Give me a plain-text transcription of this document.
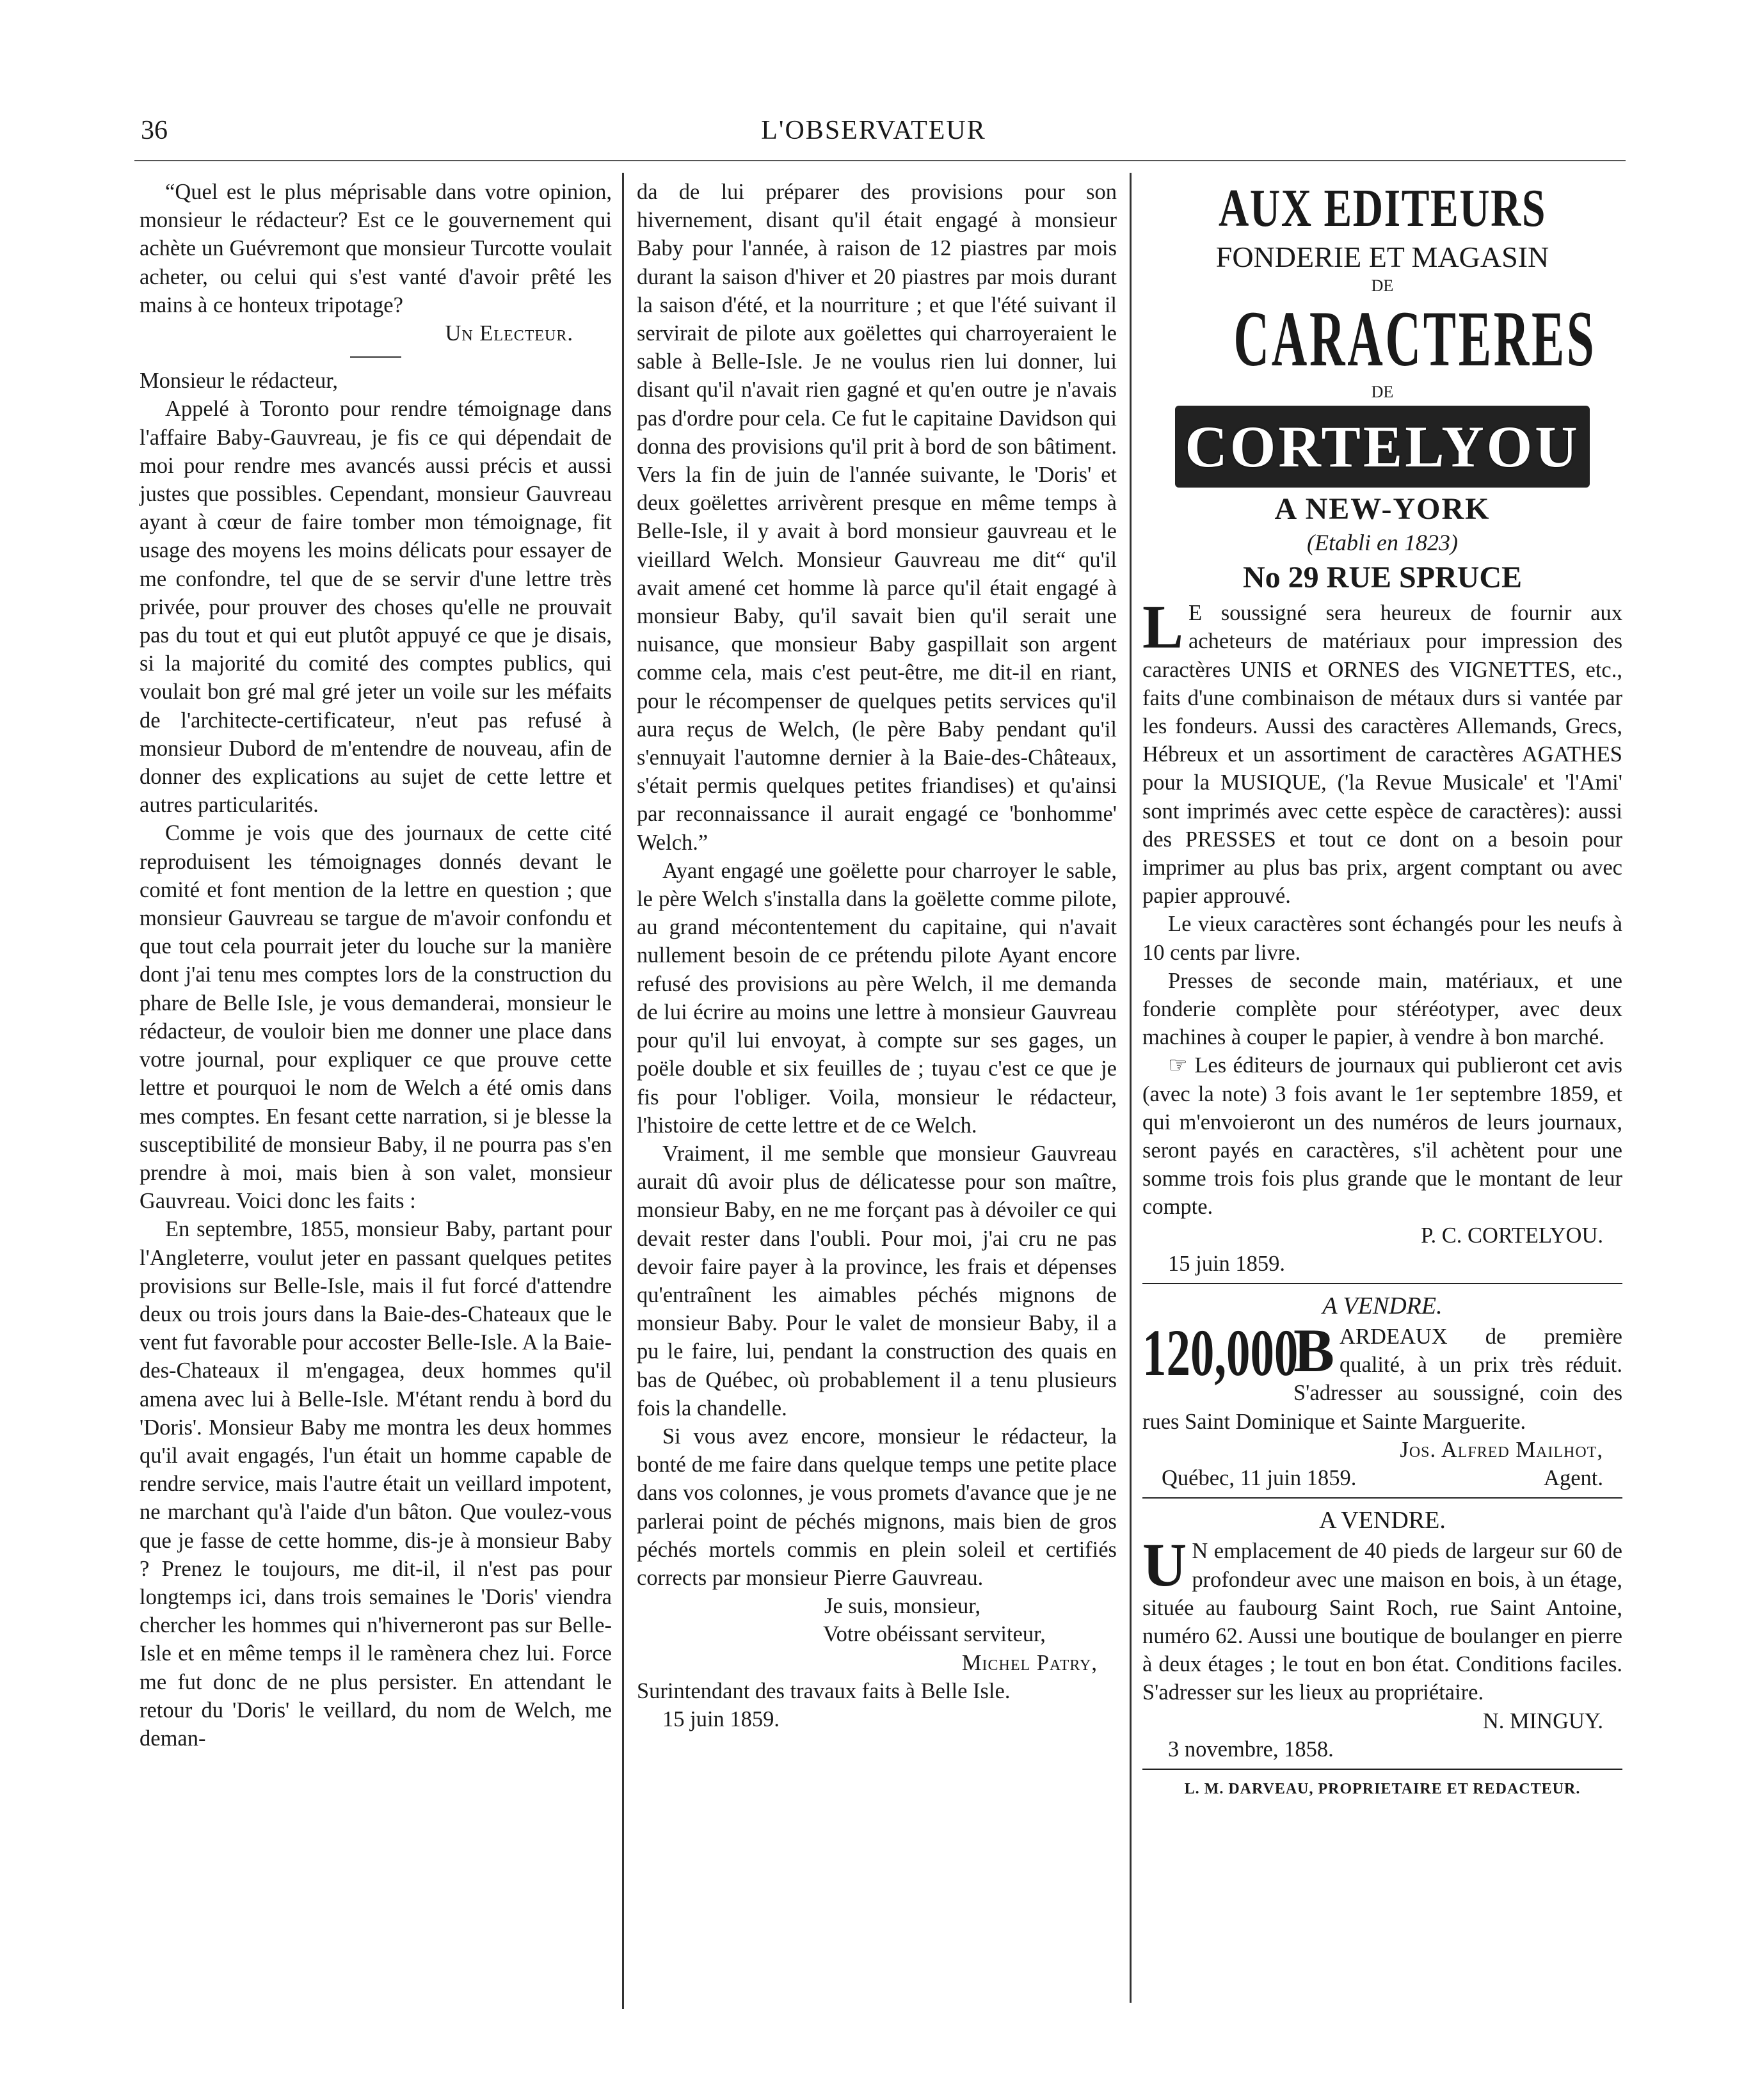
36	L'OBSERVATEUR

“Quel est le plus méprisable dans votre opinion, monsieur le rédacteur? Est ce le gouvernement qui achète un Guévremont que monsieur Turcotte voulait acheter, ou celui qui s'est vanté d'avoir prêté les mains à ce honteux tripotage?

Un Electeur.

Monsieur le rédacteur,

Appelé à Toronto pour rendre témoignage dans l'affaire Baby-Gauvreau, je fis ce qui dépendait de moi pour rendre mes avancés aussi précis et aussi justes que possibles. Cependant, monsieur Gauvreau ayant à cœur de faire tomber mon témoignage, fit usage des moyens les moins délicats pour essayer de me confondre, tel que de se servir d'une lettre très privée, pour prouver des choses qu'elle ne prouvait pas du tout et qui eut plutôt appuyé ce que je disais, si la majorité du comité des comptes publics, qui voulait bon gré mal gré jeter un voile sur les méfaits de l'architecte-certificateur, n'eut pas refusé à monsieur Dubord de m'entendre de nouveau, afin de donner des explications au sujet de cette lettre et autres particularités.

Comme je vois que des journaux de cette cité reproduisent les témoignages donnés devant le comité et font mention de la lettre en question ; que monsieur Gauvreau se targue de m'avoir confondu et que tout cela pourrait jeter du louche sur la manière dont j'ai tenu mes comptes lors de la construction du phare de Belle Isle, je vous demanderai, monsieur le rédacteur, de vouloir bien me donner une place dans votre journal, pour expliquer ce que prouve cette lettre et pourquoi le nom de Welch a été omis dans mes comptes. En fesant cette narration, si je blesse la susceptibilité de monsieur Baby, il ne pourra pas s'en prendre à moi, mais bien à son valet, monsieur Gauvreau. Voici donc les faits :

En septembre, 1855, monsieur Baby, partant pour l'Angleterre, voulut jeter en passant quelques petites provisions sur Belle-Isle, mais il fut forcé d'attendre deux ou trois jours dans la Baie-des-Chateaux que le vent fut favorable pour accoster Belle-Isle. A la Baie-des-Chateaux il m'engagea, deux hommes qu'il amena avec lui à Belle-Isle. M'étant rendu à bord du 'Doris'. Monsieur Baby me montra les deux hommes qu'il avait engagés, l'un était un homme capable de rendre service, mais l'autre était un veillard impotent, ne marchant qu'à l'aide d'un bâton. Que voulez-vous que je fasse de cette homme, dis-je à monsieur Baby ? Prenez le toujours, me dit-il, il n'est pas pour longtemps ici, dans trois semaines le 'Doris' viendra chercher les hommes qui n'hiverneront pas sur Belle-Isle et en même temps il le ramènera chez lui. Force me fut donc de ne plus persister. En attendant le retour du 'Doris' le veillard, du nom de Welch, me deman-

da de lui préparer des provisions pour son hivernement, disant qu'il était engagé à monsieur Baby pour l'année, à raison de 12 piastres par mois durant la saison d'hiver et 20 piastres par mois durant la saison d'été, et la nourriture ; et que l'été suivant il servirait de pilote aux goëlettes qui charroyeraient le sable à Belle-Isle. Je ne voulus rien lui donner, lui disant qu'il n'avait rien gagné et qu'en outre je n'avais pas d'ordre pour cela. Ce fut le capitaine Davidson qui donna des provisions qu'il prit à bord de son bâtiment. Vers la fin de juin de l'année suivante, le 'Doris' et deux goëlettes arrivèrent presque en même temps à Belle-Isle, il y avait à bord monsieur gauvreau et le vieillard Welch. Monsieur Gauvreau me dit“ qu'il avait amené cet homme là parce qu'il était engagé à monsieur Baby, qu'il savait bien qu'il serait une nuisance, que monsieur Baby gaspillait son argent comme cela, mais c'est peut-être, me dit-il en riant, pour le récompenser de quelques petits services qu'il aura reçus de Welch, (le père Baby pendant qu'il s'ennuyait l'automne dernier à la Baie-des-Châteaux, s'était permis quelques petites friandises) et qu'ainsi par reconnaissance il aurait engagé ce 'bonhomme' Welch.”

Ayant engagé une goëlette pour charroyer le sable, le père Welch s'installa dans la goëlette comme pilote, au grand mécontentement du capitaine, qui n'avait nullement besoin de ce prétendu pilote Ayant encore refusé des provisions au père Welch, il me demanda de lui écrire au moins une lettre à monsieur Gauvreau pour qu'il lui envoyat, à compte sur ses gages, un poële double et six feuilles de ; tuyau c'est ce que je fis pour l'obliger. Voila, monsieur le rédacteur, l'histoire de cette lettre et de ce Welch.

Vraiment, il me semble que monsieur Gauvreau aurait dû avoir plus de délicatesse pour son maître, monsieur Baby, en ne me forçant pas à dévoiler ce qui devait rester dans l'oubli. Pour moi, j'ai cru ne pas devoir faire payer à la province, les frais et dépenses qu'entraînent les aimables péchés mignons de monsieur Baby. Pour le valet de monsieur Baby, il a pu le faire, lui, pendant la construction des quais en bas de Québec, où probablement il a tenu plusieurs fois la chandelle.

Si vous avez encore, monsieur le rédacteur, la bonté de me faire dans quelque temps une petite place dans vos colonnes, je vous promets d'avance que je ne parlerai point de péchés mignons, mais bien de gros péchés mortels commis en plein soleil et certifiés corrects par monsieur Pierre Gauvreau.

Je suis, monsieur,
Votre obéissant serviteur,
Michel Patry,
Surintendant des travaux faits à Belle Isle.
15 juin 1859.
AUX EDITEURS
FONDERIE ET MAGASIN
DE
CARACTERES
DE
CORTELYOU
A NEW-YORK
(Etabli en 1823)
No 29 RUE SPRUCE

L E soussigné sera heureux de fournir aux acheteurs de matériaux pour impression des caractères UNIS et ORNES des VIGNETTES, etc., faits d'une combinaison de métaux durs si vantée par les fondeurs. Aussi des caractères Allemands, Grecs, Hébreux et un assortiment de caractères AGATHES pour la MUSIQUE, ('la Revue Musicale' et 'l'Ami' sont imprimés avec cette espèce de caractères): aussi des PRESSES et tout ce dont on a besoin pour imprimer au plus bas prix, argent comptant ou avec papier approuvé.

Le vieux caractères sont échangés pour les neufs à 10 cents par livre.

Presses de seconde main, matériaux, et une fonderie complète pour stéréotyper, avec deux machines à couper le papier, à vendre à bon marché.

☞ Les éditeurs de journaux qui publieront cet avis (avec la note) 3 fois avant le 1er septembre 1859, et qui m'envoieront un des numéros de leurs journaux, seront payés en caractères, s'il achètent pour une somme trois fois plus grande que le montant de leur compte.

P. C. CORTELYOU.
15 juin 1859.
A VENDRE.

120,000
B ARDEAUX de première qualité, à un prix très réduit. S'adresser au soussigné, coin des rues Saint Dominique et Sainte Marguerite.

Jos. Alfred Mailhot,
Québec, 11 juin 1859.	Agent.
A VENDRE.

U N emplacement de 40 pieds de largeur sur 60 de profondeur avec une maison en bois, à un étage, située au faubourg Saint Roch, rue Saint Antoine, numéro 62. Aussi une boutique de boulanger en pierre à deux étages ; le tout en bon état. Conditions faciles. S'adresser sur les lieux au propriétaire.

N. MINGUY.
3 novembre, 1858.
L. M. DARVEAU, PROPRIETAIRE ET REDACTEUR.
